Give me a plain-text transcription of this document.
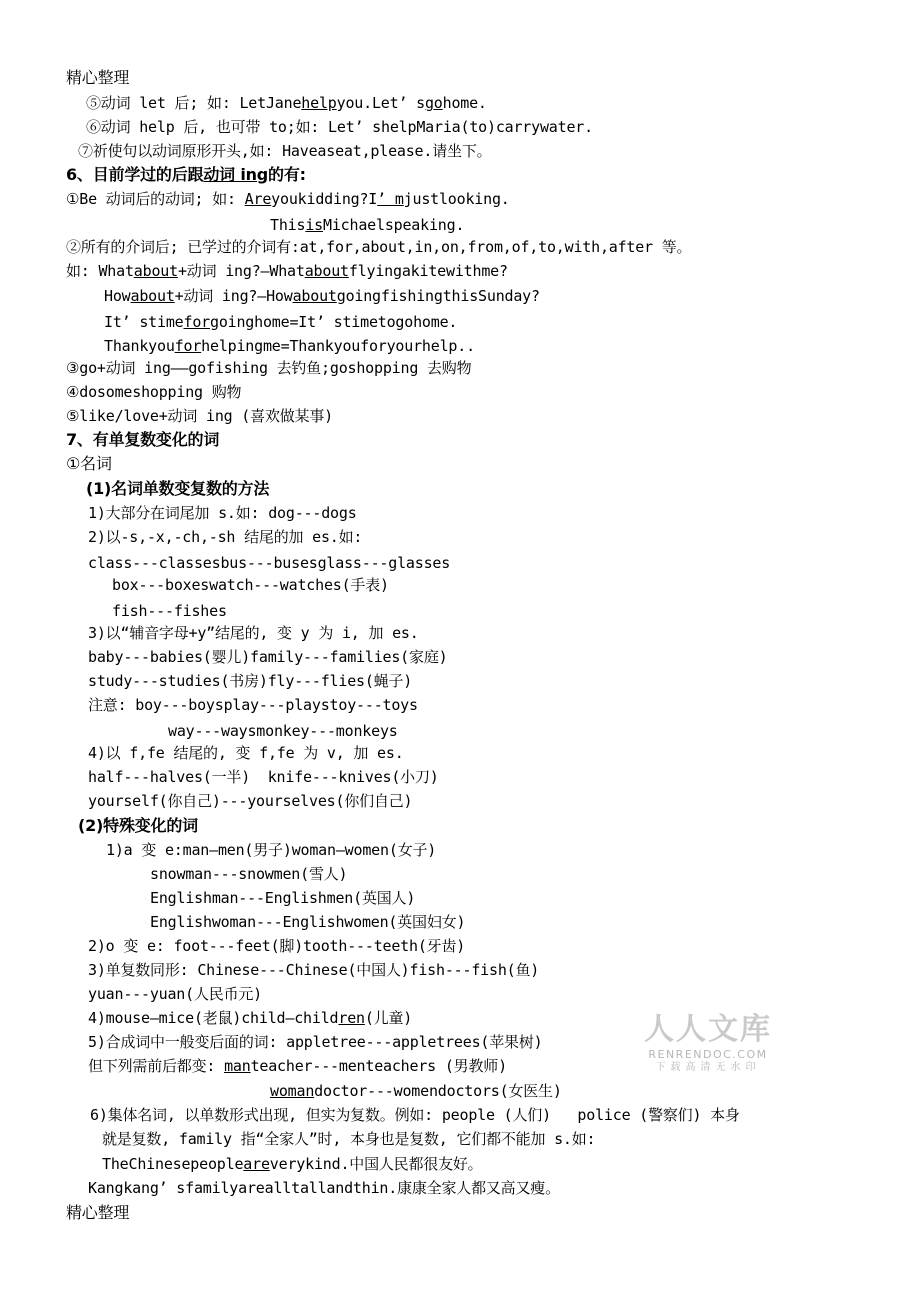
精心整理
⑤动词 let 后; 如: LetJanehelpyou.Let’ sgohome.
⑥动词 help 后, 也可带 to;如: Let’ shelpMaria(to)carrywater.
⑦祈使句以动词原形开头,如: Haveaseat,please.请坐下。
6、目前学过的后跟动词 ing的有:
①Be 动词后的动词; 如: Areyoukidding?I’ mjustlooking.
ThisisMichaelspeaking.
②所有的介词后; 已学过的介词有:at,for,about,in,on,from,of,to,with,after 等。
如: Whatabout+动词 ing?—Whataboutflyingakitewithme?
Howabout+动词 ing?—HowaboutgoingfishingthisSunday?
It’ stimeforgoinghome=It’ stimetogohome.
Thankyouforhelpingme=Thankyouforyourhelp..
③go+动词 ing——gofishing 去钓鱼;goshopping 去购物
④dosomeshopping 购物
⑤like/love+动词 ing (喜欢做某事)
7、有单复数变化的词
①名词
(1)名词单数变复数的方法
1)大部分在词尾加 s.如: dog---dogs
2)以-s,-x,-ch,-sh 结尾的加 es.如:
class---classesbus---busesglass---glasses
box---boxeswatch---watches(手表)
fish---fishes
3)以“辅音字母+y”结尾的, 变 y 为 i, 加 es.
baby---babies(婴儿)family---families(家庭)
study---studies(书房)fly---flies(蝇子)
注意: boy---boysplay---playstoy---toys
way---waysmonkey---monkeys
4)以 f,fe 结尾的, 变 f,fe 为 v, 加 es.
half---halves(一半)  knife---knives(小刀)
yourself(你自己)---yourselves(你们自己)
(2)特殊变化的词
1)a 变 e:man—men(男子)woman—women(女子)
snowman---snowmen(雪人)
Englishman---Englishmen(英国人)
Englishwoman---Englishwomen(英国妇女)
2)o 变 e: foot---feet(脚)tooth---teeth(牙齿)
3)单复数同形: Chinese---Chinese(中国人)fish---fish(鱼)
yuan---yuan(人民币元)
4)mouse—mice(老鼠)child—children(儿童)
5)合成词中一般变后面的词: appletree---appletrees(苹果树)
但下列需前后都变: manteacher---menteachers (男教师)
womandoctor---womendoctors(女医生)
6)集体名词, 以单数形式出现, 但实为复数。例如: people (人们)   police (警察们) 本身
就是复数, family 指“全家人”时, 本身也是复数, 它们都不能加 s.如:
TheChinesepeopleareverykind.中国人民都很友好。
Kangkang’ sfamilyarealltallandthin.康康全家人都又高又瘦。
精心整理
人人文库
RENRENDOC.COM
下载高清无水印
